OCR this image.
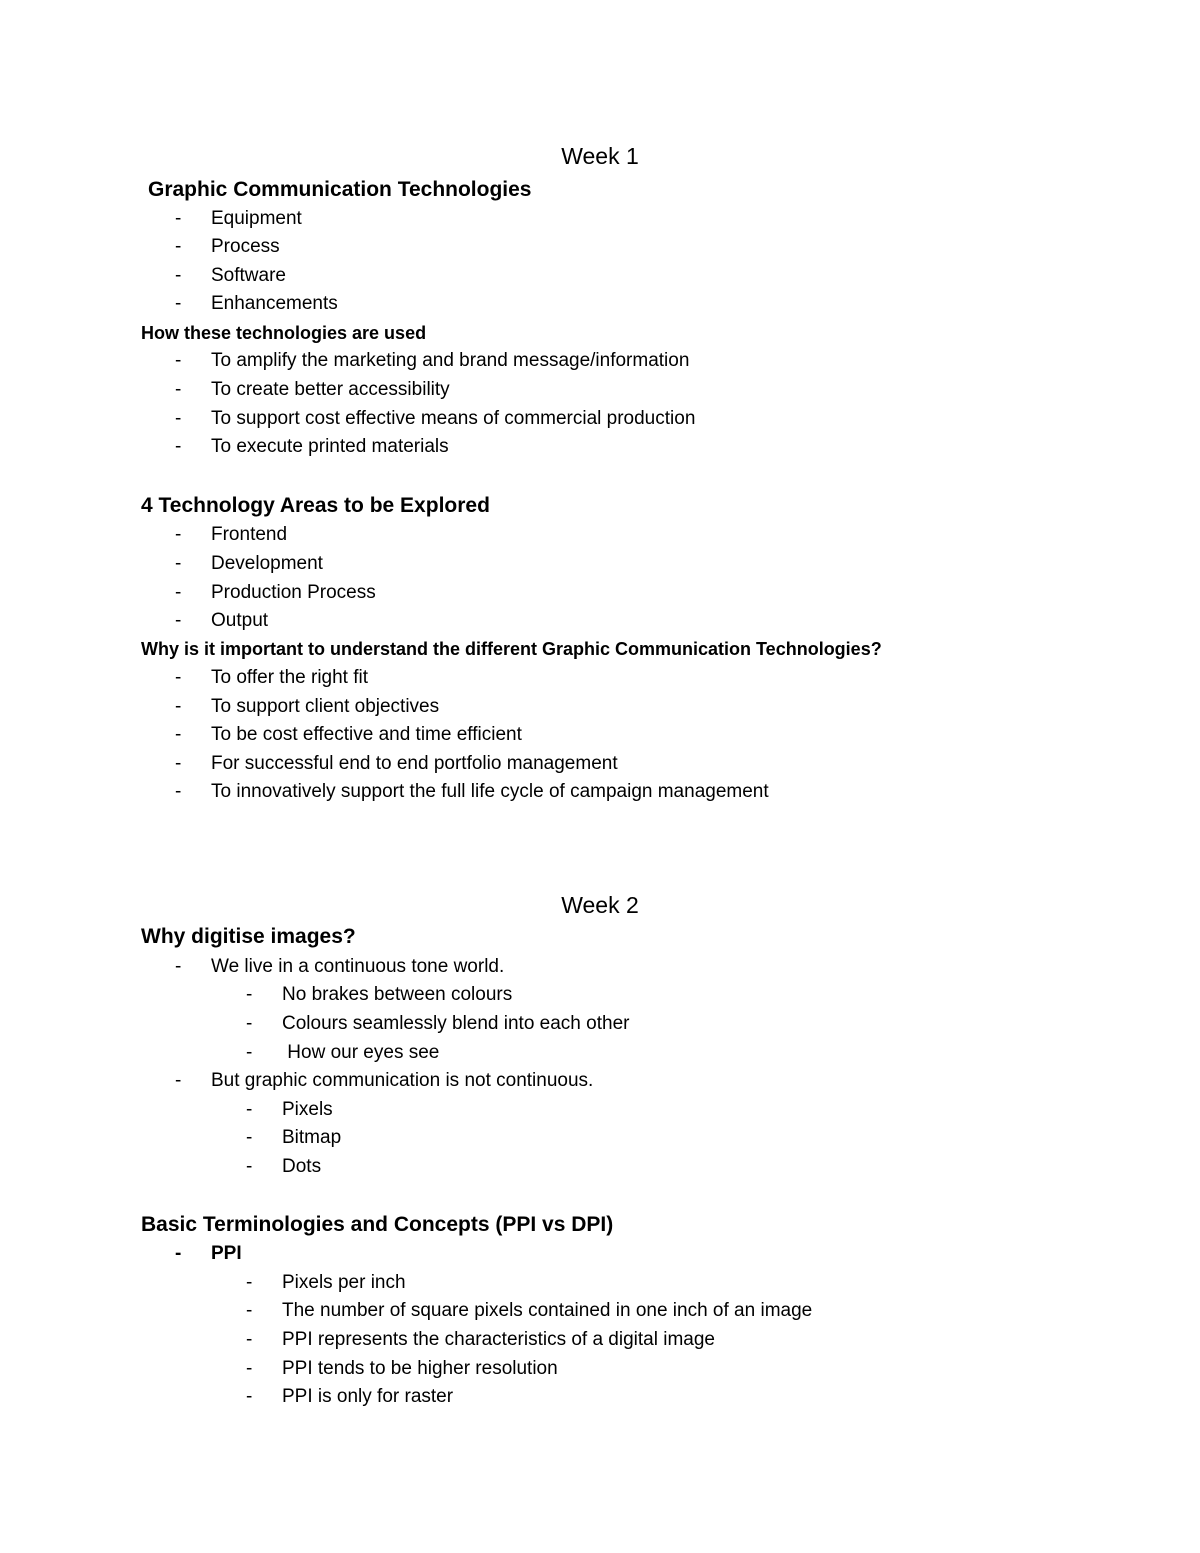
Week 1
Graphic Communication Technologies
- Equipment
- Process
- Software
- Enhancements
How these technologies are used
- To amplify the marketing and brand message/information
- To create better accessibility
- To support cost effective means of commercial production
- To execute printed materials
4 Technology Areas to be Explored
- Frontend
- Development
- Production Process
- Output
Why is it important to understand the different Graphic Communication Technologies?
- To offer the right fit
- To support client objectives
- To be cost effective and time efficient
- For successful end to end portfolio management
- To innovatively support the full life cycle of campaign management
Week 2
Why digitise images?
- We live in a continuous tone world.
- No brakes between colours
- Colours seamlessly blend into each other
- How our eyes see
- But graphic communication is not continuous.
- Pixels
- Bitmap
- Dots
Basic Terminologies and Concepts (PPI vs DPI)
- PPI
- Pixels per inch
- The number of square pixels contained in one inch of an image
- PPI represents the characteristics of a digital image
- PPI tends to be higher resolution
- PPI is only for raster
